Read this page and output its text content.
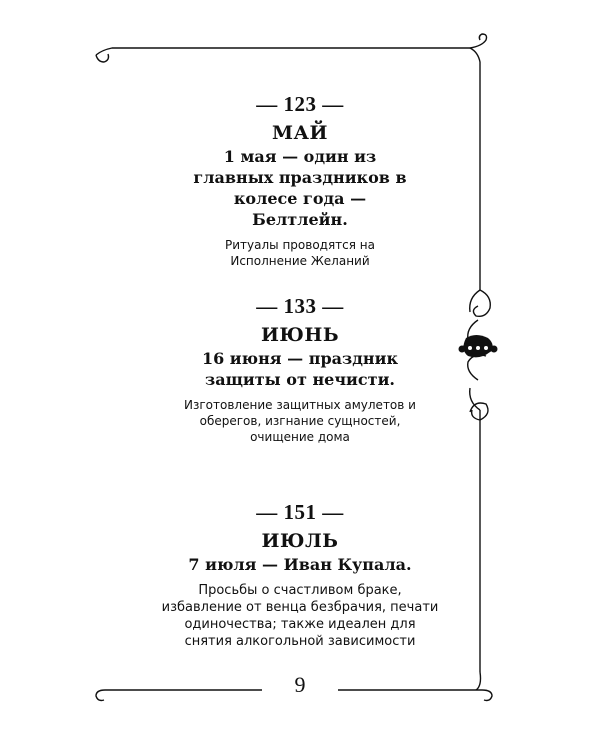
— 123 —
МАЙ
1 мая — один из главных праздников в колесе года — Белтлейн.
Ритуалы проводятся на Исполнение Желаний
— 133 —
ИЮНЬ
16 июня — праздник защиты от нечисти.
Изготовление защитных амулетов и оберегов, изгнание сущностей, очищение дома
— 151 —
ИЮЛЬ
7 июля — Иван Купала.
Просьбы о счастливом браке, избавление от венца безбрачия, печати одиночества; также идеален для снятия алкогольной зависимости
9
